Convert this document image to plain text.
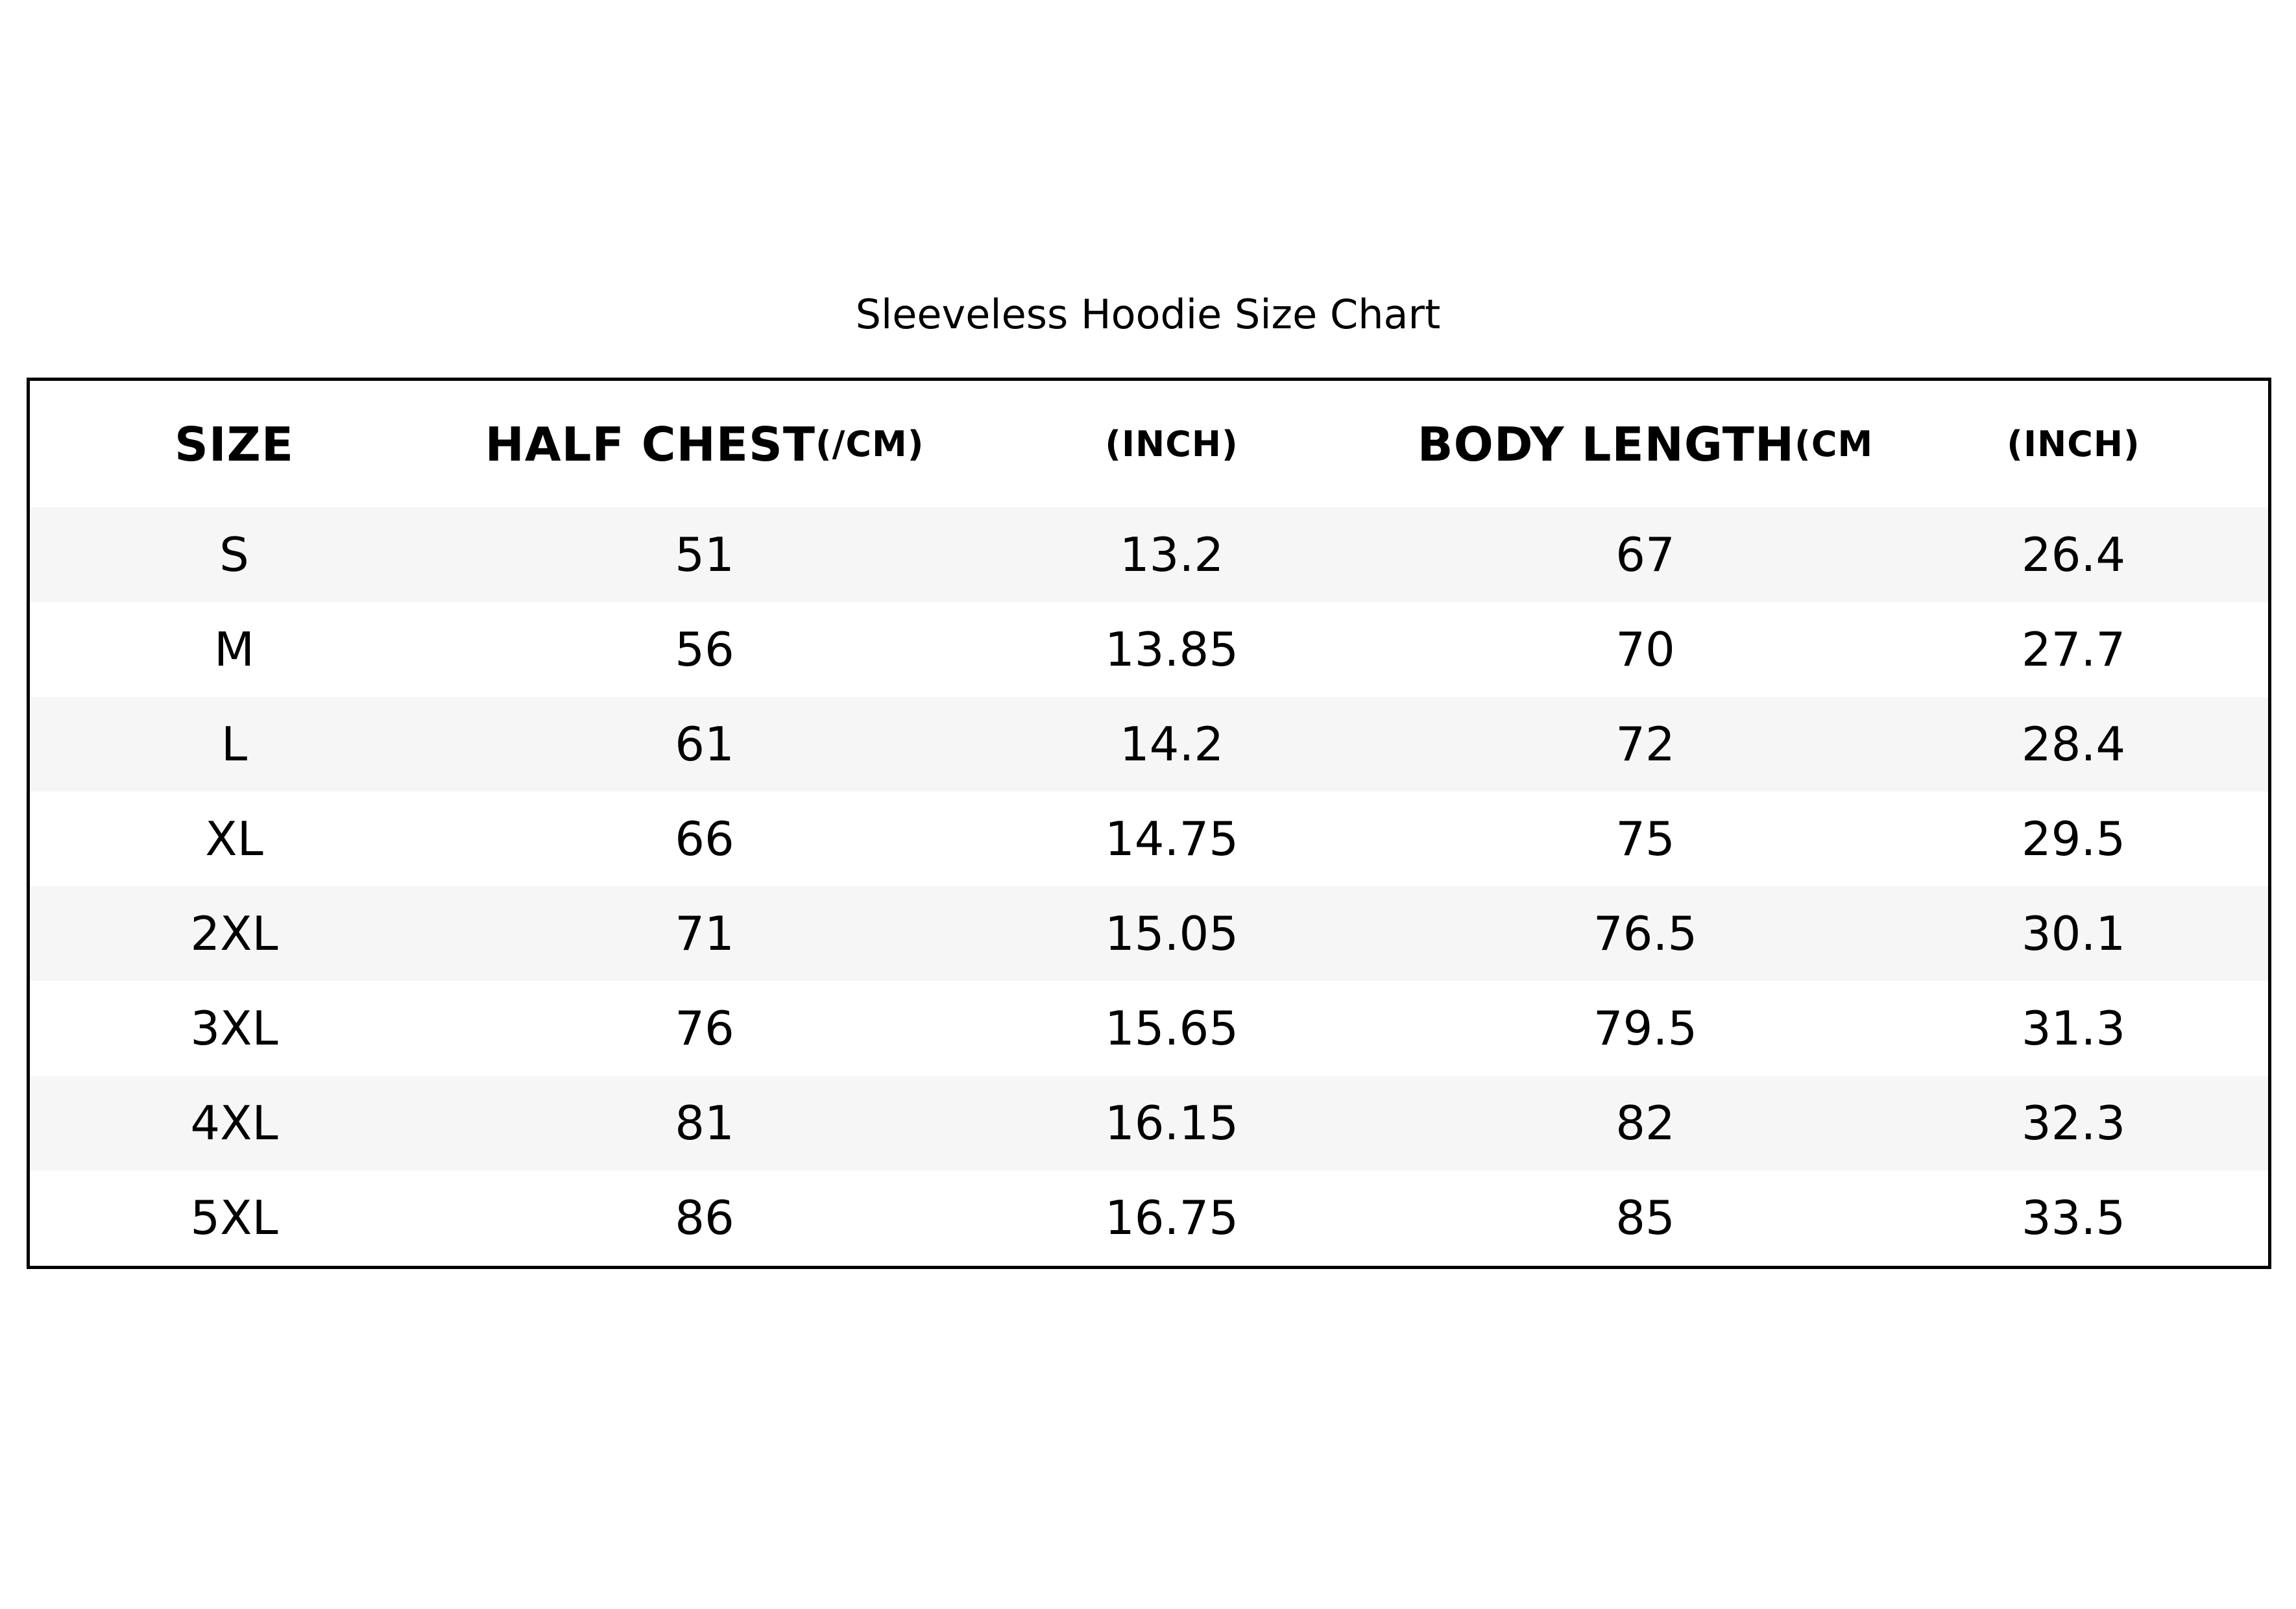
Sleeveless Hoodie Size Chart
SIZE	HALF CHEST (/CM)	(INCH)	BODY LENGTH (CM	(INCH)
S	51	13.2	67	26.4
M	56	13.85	70	27.7
L	61	14.2	72	28.4
XL	66	14.75	75	29.5
2XL	71	15.05	76.5	30.1
3XL	76	15.65	79.5	31.3
4XL	81	16.15	82	32.3
5XL	86	16.75	85	33.5
